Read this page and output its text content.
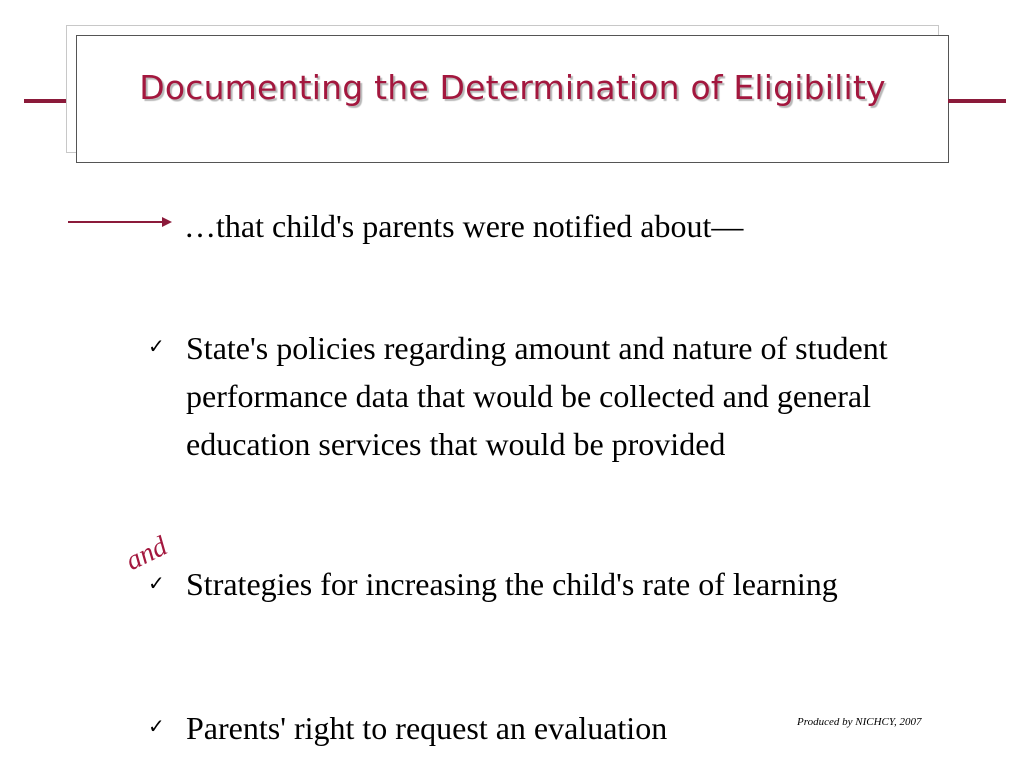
Documenting the Determination of Eligibility
…that child's parents were notified about—
✓ State's policies regarding amount and nature of student performance data that would be collected and general education services that would be provided
and
✓ Strategies for increasing the child's rate of learning
✓ Parents' right to request an evaluation	Produced by NICHCY, 2007
